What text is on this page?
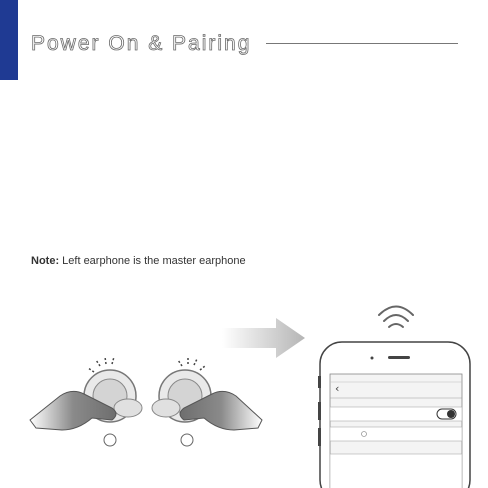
Power On & Pairing
Note: Left earphone is the master earphone
‹
